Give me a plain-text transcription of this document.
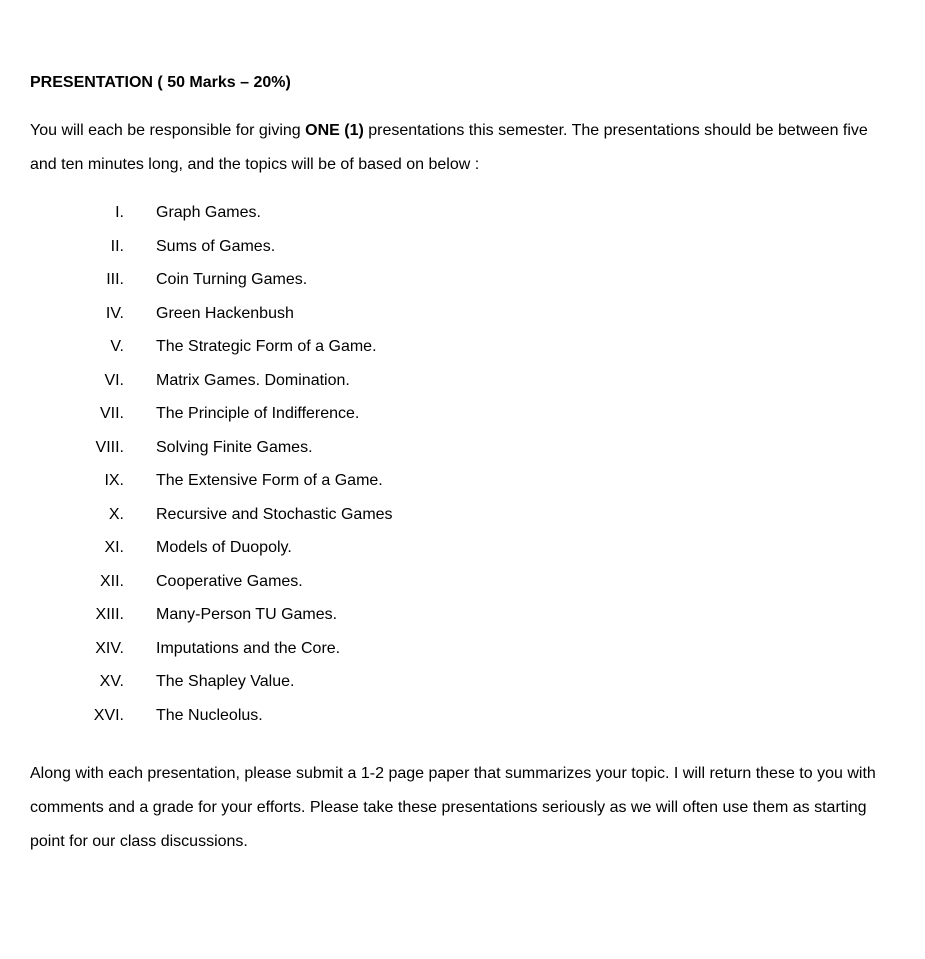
PRESENTATION ( 50 Marks – 20%)

You will each be responsible for giving ONE (1) presentations this semester. The presentations should be between five and ten minutes long, and the topics will be of based on below :

I. Graph Games.
II. Sums of Games.
III. Coin Turning Games.
IV. Green Hackenbush
V. The Strategic Form of a Game.
VI. Matrix Games. Domination.
VII. The Principle of Indifference.
VIII. Solving Finite Games.
IX. The Extensive Form of a Game.
X. Recursive and Stochastic Games
XI. Models of Duopoly.
XII. Cooperative Games.
XIII. Many-Person TU Games.
XIV. Imputations and the Core.
XV. The Shapley Value.
XVI. The Nucleolus.

Along with each presentation, please submit a 1-2 page paper that summarizes your topic. I will return these to you with comments and a grade for your efforts. Please take these presentations seriously as we will often use them as starting point for our class discussions.
